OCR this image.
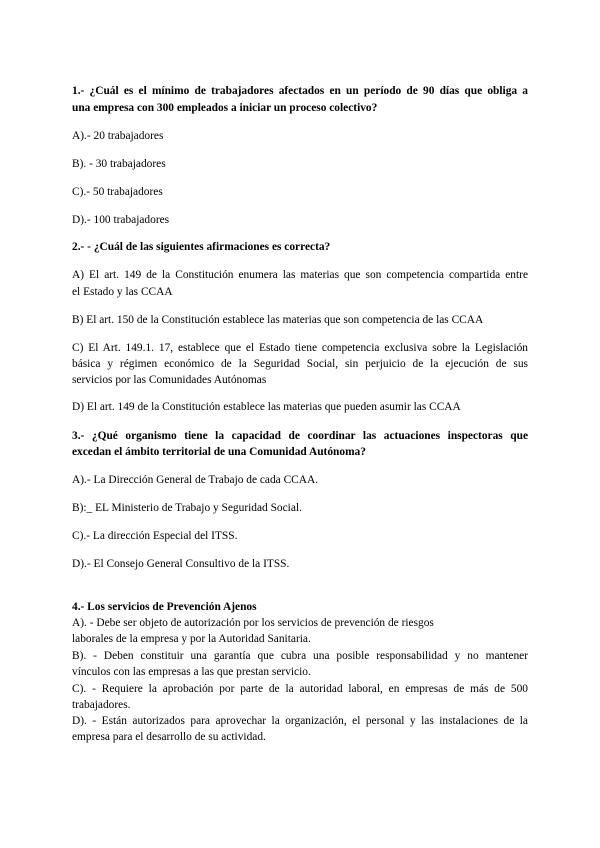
1.- ¿Cuál es el mínimo de trabajadores afectados en un período de 90 días que obliga a
una empresa con 300 empleados a iniciar un proceso colectivo?
A).- 20 trabajadores
B). - 30 trabajadores
C).- 50 trabajadores
D).- 100 trabajadores
2.- - ¿Cuál de las siguientes afirmaciones es correcta?
A) El art. 149 de la Constitución enumera las materias que son competencia compartida entre
el Estado y las CCAA
B) El art. 150 de la Constitución establece las materias que son competencia de las CCAA
C) El Art. 149.1. 17, establece que el Estado tiene competencia exclusiva sobre la Legislación
básica y régimen económico de la Seguridad Social, sin perjuicio de la ejecución de sus
servicios por las Comunidades Autónomas
D) El art. 149 de la Constitución establece las materias que pueden asumir las CCAA
3.- ¿Qué organismo tiene la capacidad de coordinar las actuaciones inspectoras que
excedan el ámbito territorial de una Comunidad Autónoma?
A).- La Dirección General de Trabajo de cada CCAA.
B):_ EL Ministerio de Trabajo y Seguridad Social.
C).- La dirección Especial del ITSS.
D).- El Consejo General Consultivo de la ITSS.
4.- Los servicios de Prevención Ajenos
A). - Debe ser objeto de autorización por los servicios de prevención de riesgos
laborales de la empresa y por la Autoridad Sanitaria.
B). - Deben constituir una garantía que cubra una posible responsabilidad y no mantener
vínculos con las empresas a las que prestan servicio.
C). - Requiere la aprobación por parte de la autoridad laboral, en empresas de más de 500
trabajadores.
D). - Están autorizados para aprovechar la organización, el personal y las instalaciones de la
empresa para el desarrollo de su actividad.
